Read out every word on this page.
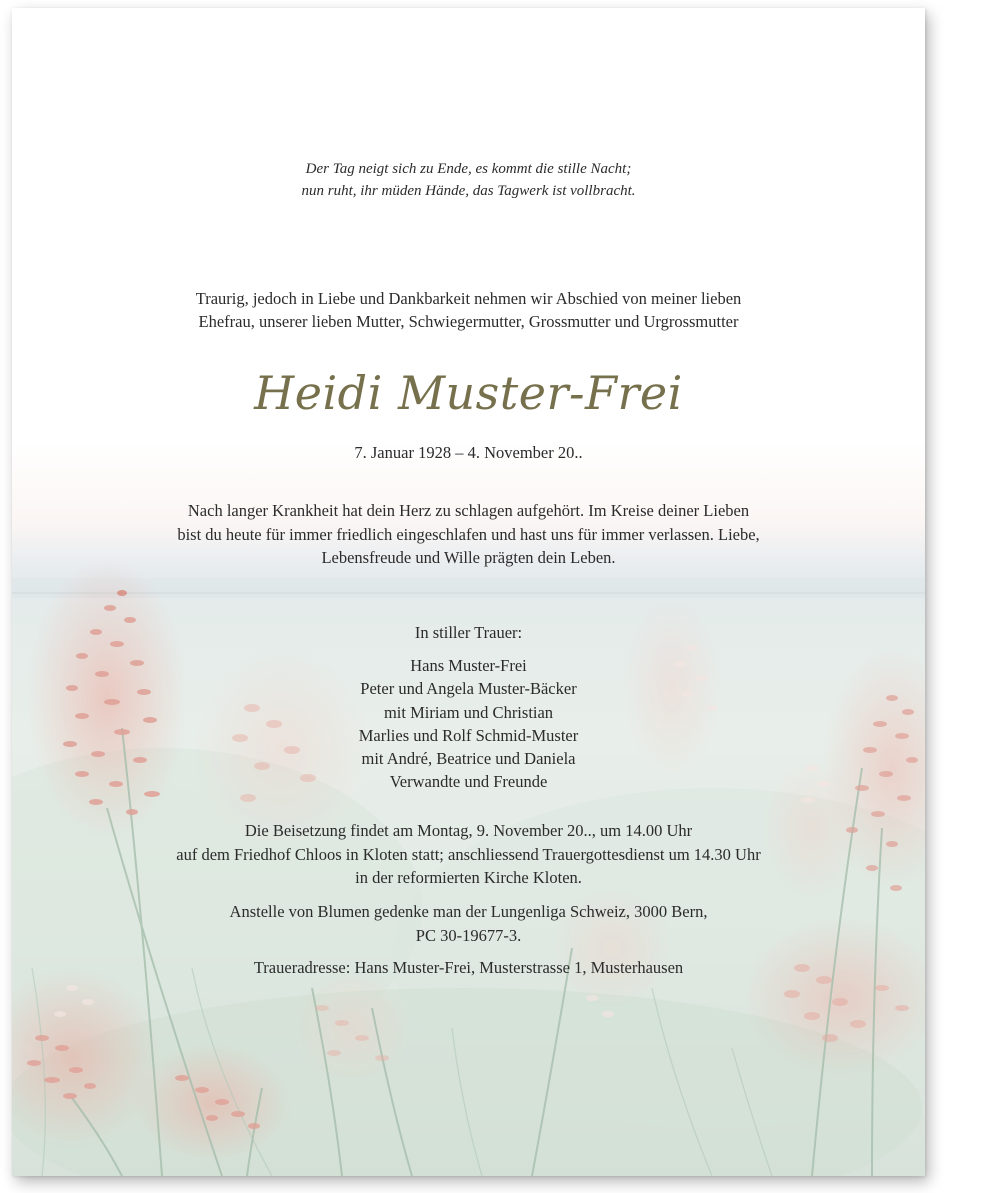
Der Tag neigt sich zu Ende, es kommt die stille Nacht;
nun ruht, ihr müden Hände, das Tagwerk ist vollbracht.
Traurig, jedoch in Liebe und Dankbarkeit nehmen wir Abschied von meiner lieben
Ehefrau, unserer lieben Mutter, Schwiegermutter, Grossmutter und Urgrossmutter
Heidi Muster-Frei
7. Januar 1928 – 4. November 20..
Nach langer Krankheit hat dein Herz zu schlagen aufgehört. Im Kreise deiner Lieben
bist du heute für immer friedlich eingeschlafen und hast uns für immer verlassen. Liebe,
Lebensfreude und Wille prägten dein Leben.
In stiller Trauer:
Hans Muster-Frei
Peter und Angela Muster-Bäcker
mit Miriam und Christian
Marlies und Rolf Schmid-Muster
mit André, Beatrice und Daniela
Verwandte und Freunde
Die Beisetzung findet am Montag, 9. November 20.., um 14.00 Uhr
auf dem Friedhof Chloos in Kloten statt; anschliessend Trauergottesdienst um 14.30 Uhr
in der reformierten Kirche Kloten.
Anstelle von Blumen gedenke man der Lungenliga Schweiz, 3000 Bern,
PC 30-19677-3.
Traueradresse: Hans Muster-Frei, Musterstrasse 1, Musterhausen
